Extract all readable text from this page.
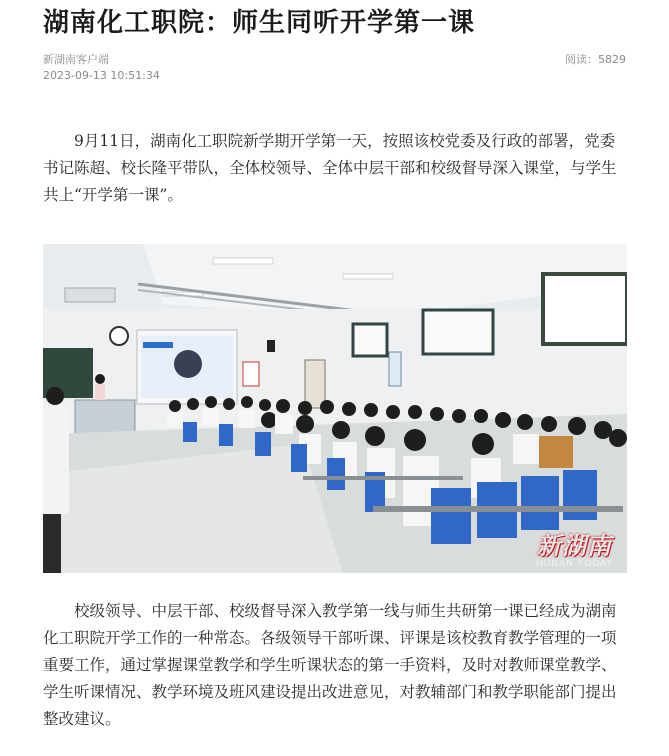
湖南化工职院：师生同听开学第一课
新湖南客户端
2023-09-13 10:51:34
阅读：5829

9月11日，湖南化工职院新学期开学第一天，按照该校党委及行政的部署，党委书记陈超、校长隆平带队，全体校领导、全体中层干部和校级督导深入课堂，与学生共上“开学第一课”。

新湖南
HUNAN TODAY

校级领导、中层干部、校级督导深入教学第一线与师生共研第一课已经成为湖南化工职院开学工作的一种常态。各级领导干部听课、评课是该校教育教学管理的一项重要工作，通过掌握课堂教学和学生听课状态的第一手资料，及时对教师课堂教学、学生听课情况、教学环境及班风建设提出改进意见，对教辅部门和教学职能部门提出整改建议。
